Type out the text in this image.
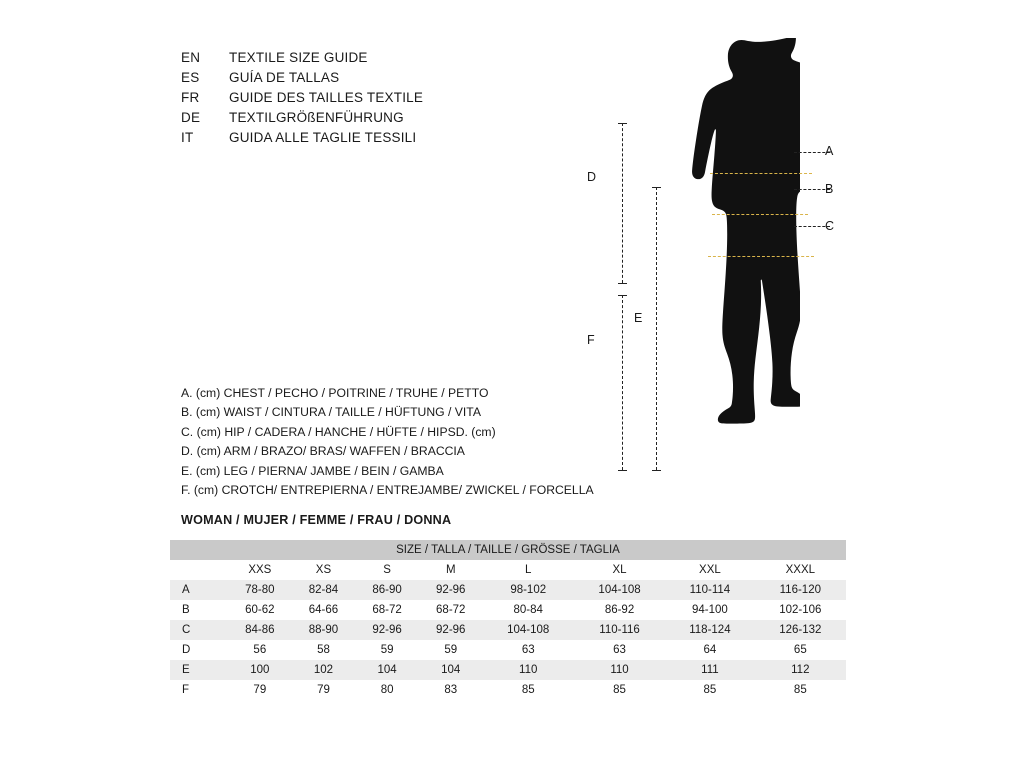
EN	TEXTILE SIZE GUIDE
ES	GUÍA DE TALLAS
FR	GUIDE DES TAILLES TEXTILE
DE	TEXTILGRÖßENFÜHRUNG
IT	GUIDA ALLE TAGLIE TESSILI
A. (cm) CHEST / PECHO / POITRINE / TRUHE / PETTO
B. (cm) WAIST / CINTURA / TAILLE / HÜFTUNG / VITA
C. (cm) HIP / CADERA / HANCHE / HÜFTE / HIPSD. (cm)
D. (cm) ARM / BRAZO/ BRAS/ WAFFEN / BRACCIA
E. (cm) LEG / PIERNA/ JAMBE / BEIN / GAMBA
F. (cm) CROTCH/ ENTREPIERNA / ENTREJAMBE/ ZWICKEL / FORCELLA
WOMAN / MUJER / FEMME / FRAU / DONNA
A
B
C
D
E
F
SIZE / TALLA / TAILLE / GRÖSSE / TAGLIA								
	XXS	XS	S	M	L	XL	XXL	XXXL
A	78-80	82-84	86-90	92-96	98-102	104-108	110-114	116-120
B	60-62	64-66	68-72	68-72	80-84	86-92	94-100	102-106
C	84-86	88-90	92-96	92-96	104-108	110-116	118-124	126-132
D	56	58	59	59	63	63	64	65
E	100	102	104	104	110	110	111	112
F	79	79	80	83	85	85	85	85
